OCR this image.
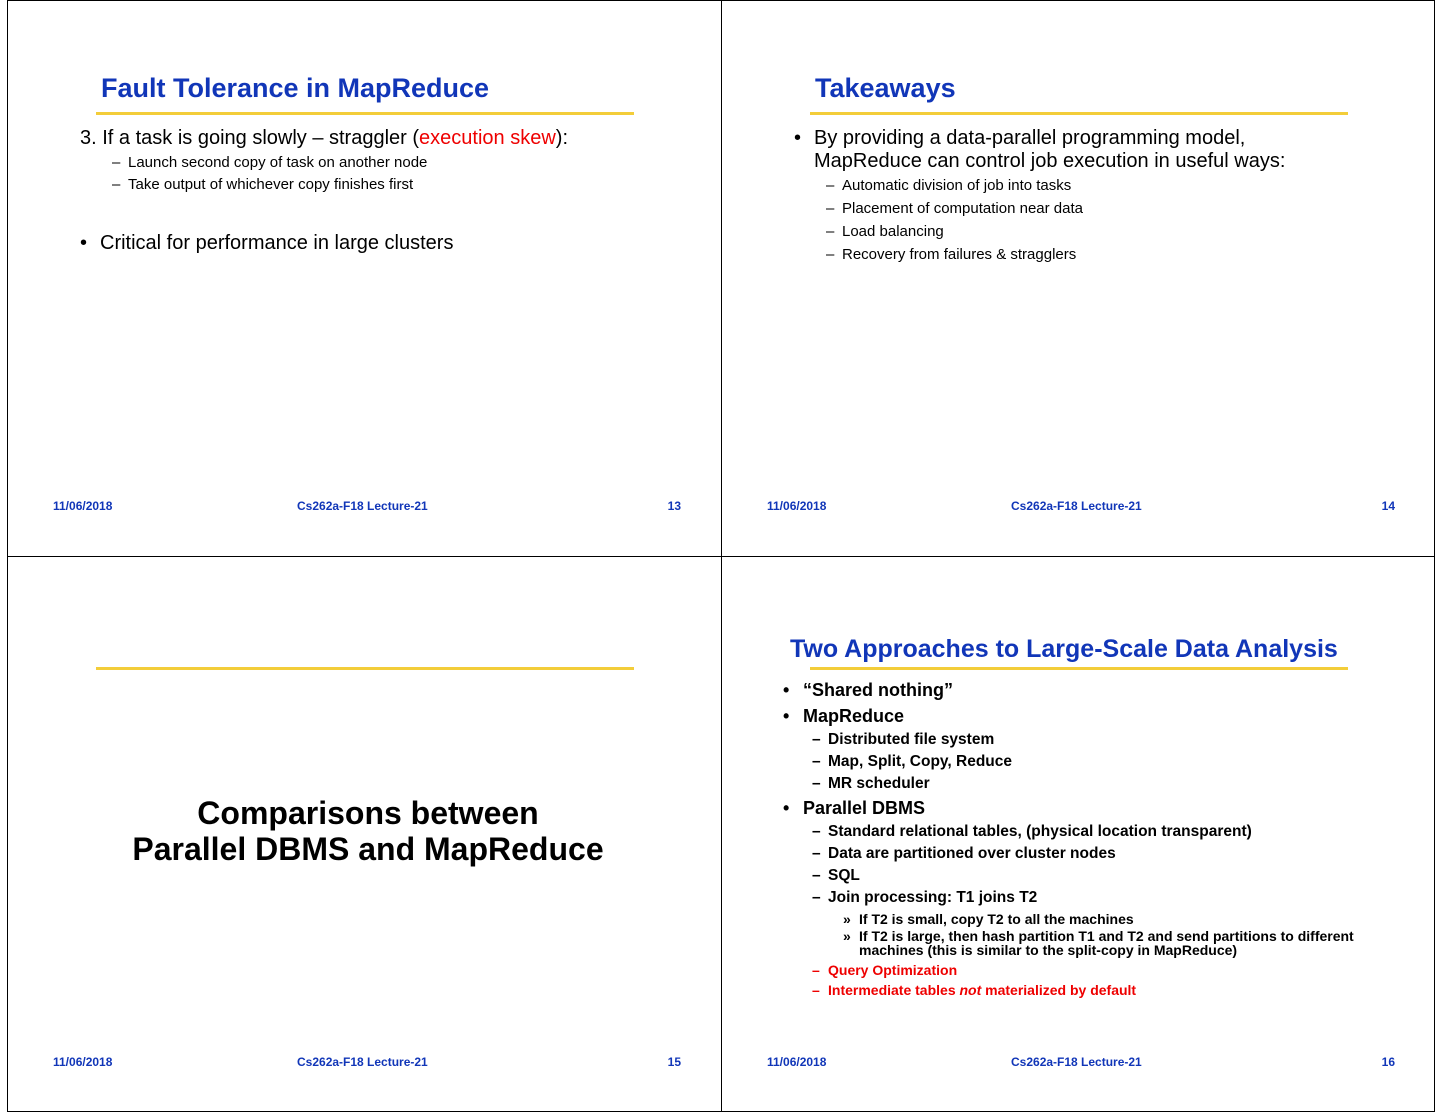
Fault Tolerance in MapReduce
3. If a task is going slowly – straggler (execution skew):
– Launch second copy of task on another node
– Take output of whichever copy finishes first
• Critical for performance in large clusters
11/06/2018	Cs262a-F18 Lecture-21	13
Takeaways
• By providing a data-parallel programming model,
MapReduce can control job execution in useful ways:
– Automatic division of job into tasks
– Placement of computation near data
– Load balancing
– Recovery from failures & stragglers
11/06/2018	Cs262a-F18 Lecture-21	14
Comparisons between
Parallel DBMS and MapReduce
11/06/2018	Cs262a-F18 Lecture-21	15
Two Approaches to Large-Scale Data Analysis
• “Shared nothing”
• MapReduce
– Distributed file system
– Map, Split, Copy, Reduce
– MR scheduler
• Parallel DBMS
– Standard relational tables, (physical location transparent)
– Data are partitioned over cluster nodes
– SQL
– Join processing: T1 joins T2
» If T2 is small, copy T2 to all the machines
» If T2 is large, then hash partition T1 and T2 and send partitions to different machines (this is similar to the split-copy in MapReduce)
– Query Optimization
– Intermediate tables not materialized by default
11/06/2018	Cs262a-F18 Lecture-21	16
